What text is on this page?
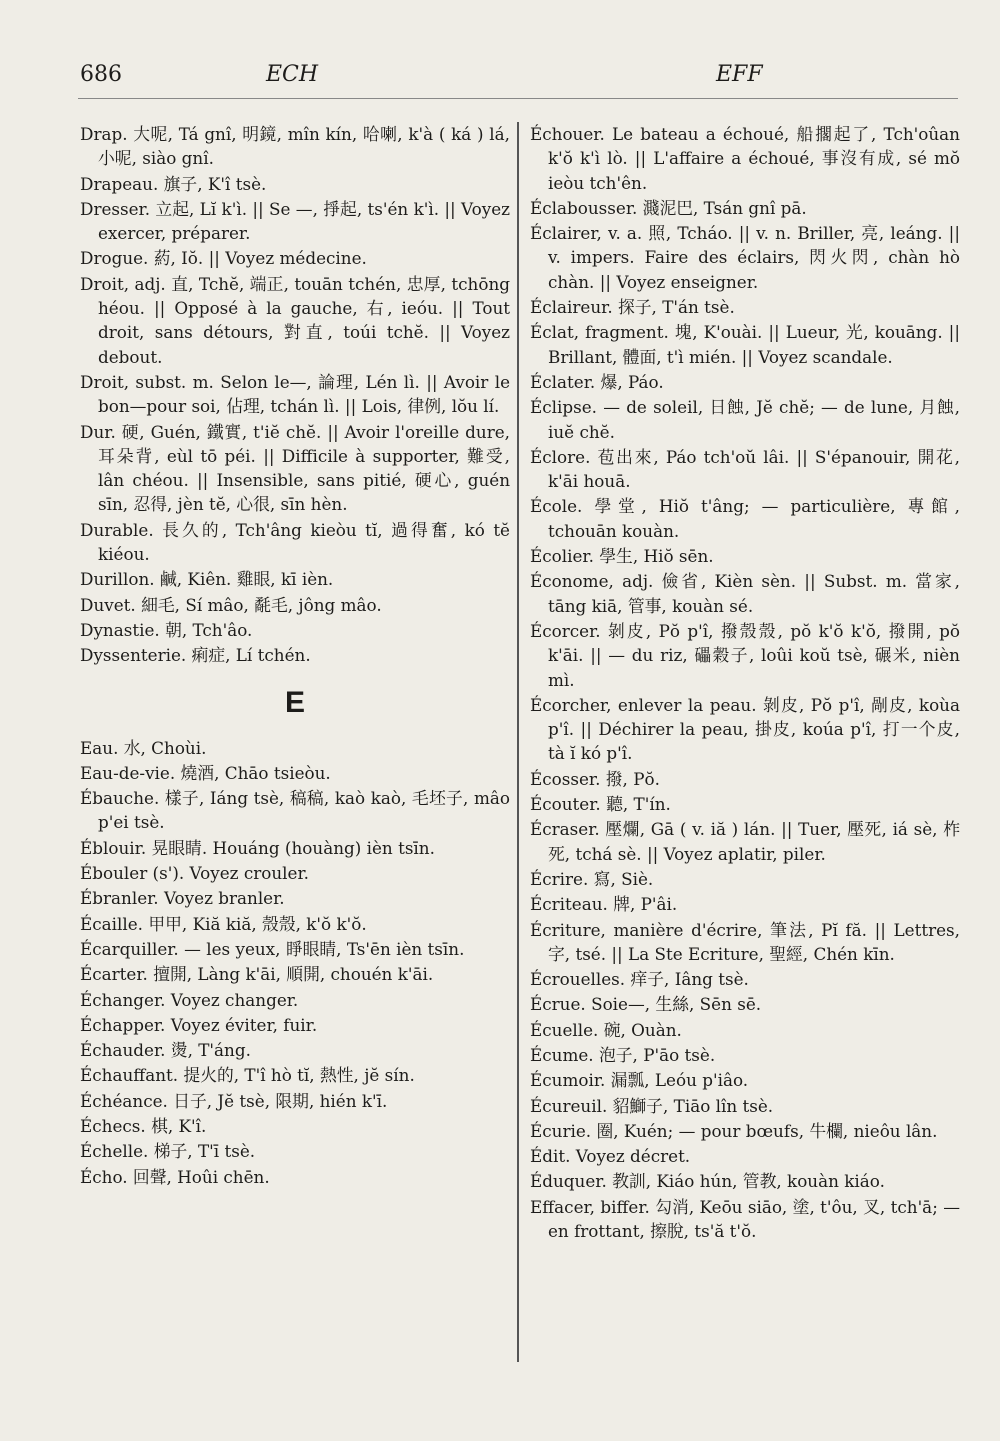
686	ECH	EFF

Drap. 大呢, Tá gnî, 明鏡, mîn kín, 哈喇, k'à ( ká ) lá, 小呢, siào gnî.

Drapeau. 旗子, K'î tsè.

Dresser. 立起, Lĭ k'ì. || Se —, 掙起, ts'én k'ì. || Voyez exercer, préparer.

Drogue. 葯, Iŏ. || Voyez médecine.

Droit, adj. 直, Tchĕ, 端正, touān tchén, 忠厚, tchōng héou. || Opposé à la gauche, 右, ieóu. || Tout droit, sans détours, 對直, toúi tchĕ. || Voyez debout.

Droit, subst. m. Selon le—, 論理, Lén lì. || Avoir le bon—pour soi, 佔理, tchán lì. || Lois, 律例, lŏu lí.

Dur. 硬, Guén, 鐵實, t'iĕ chĕ. || Avoir l'oreille dure, 耳朵背, eùl tō péi. || Difficile à supporter, 難受, lân chéou. || Insensible, sans pitié, 硬心, guén sīn, 忍得, jèn tĕ, 心很, sīn hèn.

Durable. 長久的, Tch'âng kieòu tĭ, 過得奮, kó tĕ kiéou.

Durillon. 鹹, Kiên. 雞眼, kī ièn.

Duvet. 細毛, Sí mâo, 氄毛, jông mâo.

Dynastie. 朝, Tch'âo.

Dyssenterie. 痢症, Lí tchén.

E

Eau. 水, Choùi.

Eau-de-vie. 燒酒, Chāo tsieòu.

Ébauche. 樣子, Iáng tsè, 稿稿, kaò kaò, 毛坯子, mâo p'ei tsè.

Éblouir. 晃眼睛. Houáng (houàng) ièn tsīn.

Ébouler (s'). Voyez crouler.

Ébranler. Voyez branler.

Écaille. 甲甲, Kiă kiă, 殼殼, k'ŏ k'ŏ.

Écarquiller. — les yeux, 睜眼睛, Ts'ēn ièn tsīn.

Écarter. 擅開, Làng k'āi, 順開, chouén k'āi.

Échanger. Voyez changer.

Échapper. Voyez éviter, fuir.

Échauder. 燙, T'áng.

Échauffant. 提火的, T'î hò tĭ, 熱性, jĕ sín.

Échéance. 日子, Jĕ tsè, 限期, hién k'ī.

Échecs. 棋, K'î.

Échelle. 梯子, T'ī tsè.

Écho. 回聲, Hoûi chēn.

Échouer. Le bateau a échoué, 船擱起了, Tch'oûan k'ŏ k'ì lò. || L'affaire a échoué, 事沒有成, sé mŏ ieòu tch'ên.

Éclabousser. 濺泥巴, Tsán gnî pā.

Éclairer, v. a. 照, Tcháo. || v. n. Briller, 亮, leáng. || v. impers. Faire des éclairs, 閃火閃, chàn hò chàn. || Voyez enseigner.

Éclaireur. 探子, T'án tsè.

Éclat, fragment. 塊, K'ouài. || Lueur, 光, kouāng. || Brillant, 體面, t'ì mién. || Voyez scandale.

Éclater. 爆, Páo.

Éclipse. — de soleil, 日蝕, Jĕ chĕ; — de lune, 月蝕, iuĕ chĕ.

Éclore. 苞出來, Páo tch'oŭ lâi. || S'épanouir, 開花, k'āi houā.

École. 學堂, Hiŏ t'âng; — particulière, 專館, tchouān kouàn.

Écolier. 學生, Hiŏ sēn.

Économe, adj. 儉省, Kièn sèn. || Subst. m. 當家, tāng kiā, 管事, kouàn sé.

Écorcer. 剝皮, Pŏ p'î, 撥殼殼, pŏ k'ŏ k'ŏ, 撥開, pŏ k'āi. || — du riz, 礧穀子, loûi koŭ tsè, 碾米, nièn mì.

Écorcher, enlever la peau. 剝皮, Pŏ p'î, 剮皮, koùa p'î. || Déchirer la peau, 掛皮, koúa p'î, 打一个皮, tà ĭ kó p'î.

Écosser. 撥, Pŏ.

Écouter. 聽, T'ín.

Écraser. 壓爛, Gā ( v. iă ) lán. || Tuer, 壓死, iá sè, 柞死, tchá sè. || Voyez aplatir, piler.

Écrire. 寫, Siè.

Écriteau. 牌, P'âi.

Écriture, manière d'écrire, 筆法, Pĭ fă. || Lettres, 字, tsé. || La Ste Ecriture, 聖經, Chén kīn.

Écrouelles. 痒子, Iâng tsè.

Écrue. Soie—, 生絲, Sēn sē.

Écuelle. 碗, Ouàn.

Écume. 泡子, P'āo tsè.

Écumoir. 漏瓢, Leóu p'iâo.

Écureuil. 貂鰤子, Tiāo lîn tsè.

Écurie. 圈, Kuén; — pour bœufs, 牛欄, nieôu lân.

Édit. Voyez décret.

Éduquer. 教訓, Kiáo hún, 管教, kouàn kiáo.

Effacer, biffer. 勾消, Keōu siāo, 塗, t'ôu, 叉, tch'ā; — en frottant, 擦脫, ts'ă t'ŏ.
